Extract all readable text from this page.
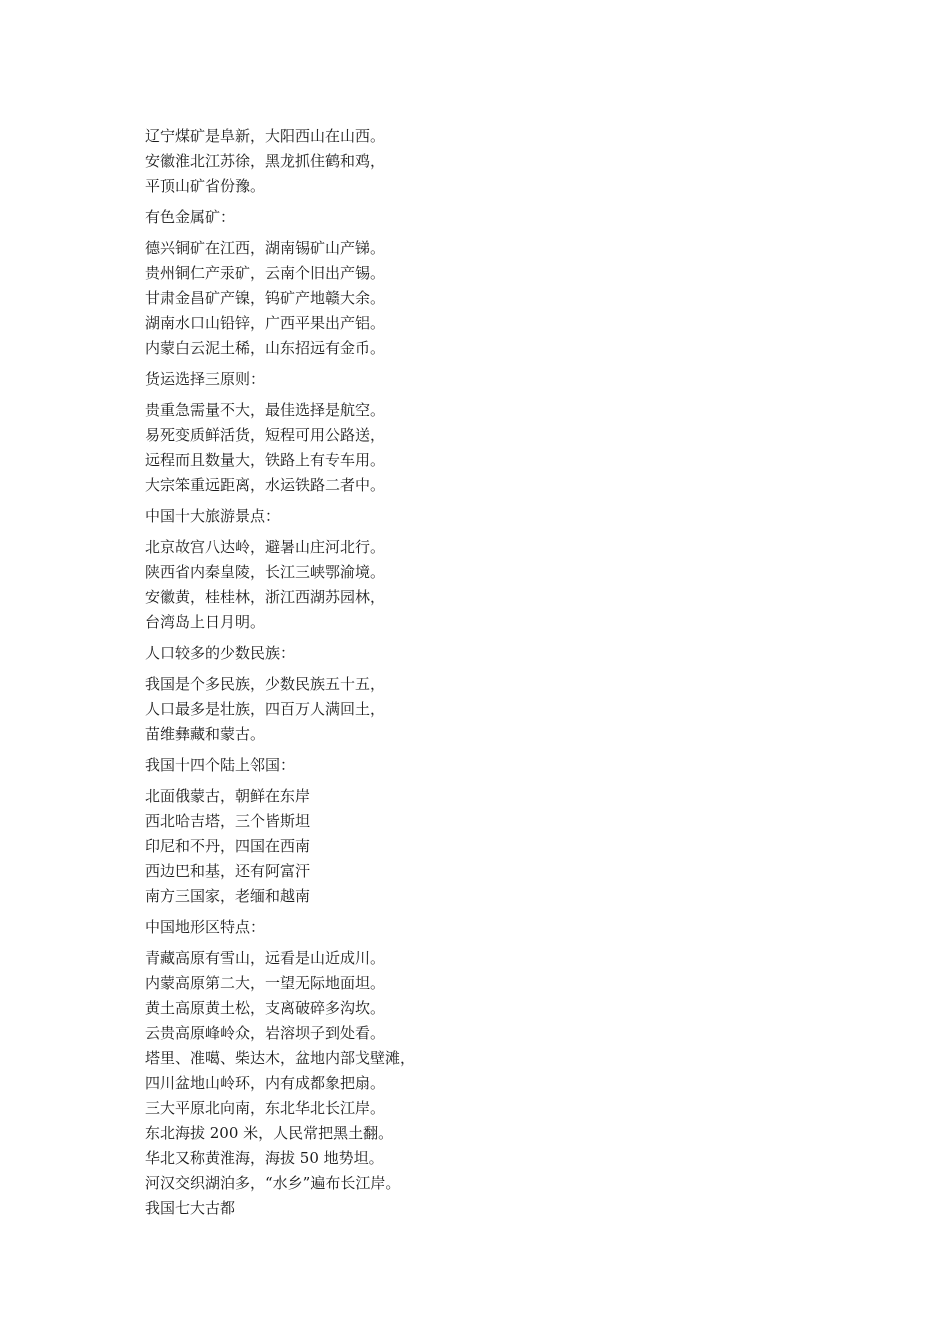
辽宁煤矿是阜新，大阳西山在山西。
安徽淮北江苏徐，黑龙抓住鹤和鸡，
平顶山矿省份豫。
有色金属矿：
德兴铜矿在江西，湖南锡矿山产锑。
贵州铜仁产汞矿，云南个旧出产锡。
甘肃金昌矿产镍，钨矿产地赣大余。
湖南水口山铅锌，广西平果出产铝。
内蒙白云泥土稀，山东招远有金币。
货运选择三原则：
贵重急需量不大，最佳选择是航空。
易死变质鲜活货，短程可用公路送，
远程而且数量大，铁路上有专车用。
大宗笨重远距离，水运铁路二者中。
中国十大旅游景点：
北京故宫八达岭，避暑山庄河北行。
陕西省内秦皇陵，长江三峡鄂渝境。
安徽黄，桂桂林，浙江西湖苏园林，
台湾岛上日月明。
人口较多的少数民族：
我国是个多民族，少数民族五十五，
人口最多是壮族，四百万人满回土，
苗维彝藏和蒙古。
我国十四个陆上邻国：
北面俄蒙古，朝鲜在东岸
西北哈吉塔，三个皆斯坦
印尼和不丹，四国在西南
西边巴和基，还有阿富汗
南方三国家，老缅和越南
中国地形区特点：
青藏高原有雪山，远看是山近成川。
内蒙高原第二大，一望无际地面坦。
黄土高原黄土松，支离破碎多沟坎。
云贵高原峰岭众，岩溶坝子到处看。
塔里、准噶、柴达木，盆地内部戈壁滩，
四川盆地山岭环，内有成都象把扇。
三大平原北向南，东北华北长江岸。
东北海拔 200 米，人民常把黑土翻。
华北又称黄淮海，海拔 50 地势坦。
河汉交织湖泊多，“水乡”遍布长江岸。
我国七大古都
